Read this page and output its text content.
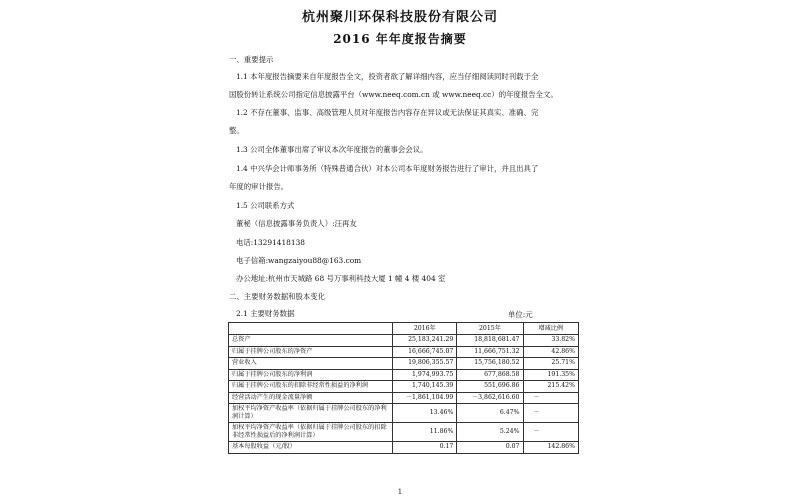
杭州聚川环保科技股份有限公司
2016 年年度报告摘要
一、重要提示
1.1 本年度报告摘要来自年度报告全文，投资者欲了解详细内容，应当仔细阅读同时刊载于全
国股份转让系统公司指定信息披露平台（www.neeq.com.cn 或 www.neeq.cc）的年度报告全文。
1.2 不存在董事、监事、高级管理人员对年度报告内容存在异议或无法保证其真实、准确、完
整。
1.3 公司全体董事出席了审议本次年度报告的董事会会议。
1.4 中兴华会计师事务所（特殊普通合伙）对本公司本年度财务报告进行了审计，并且出具了
年度的审计报告。
1.5 公司联系方式
董秘（信息披露事务负责人）:汪再友
电话:13291418138
电子信箱:wangzaiyou88@163.com
办公地址:杭州市天城路 68 号万事利科技大厦 1 幢 4 楼 404 室
二、主要财务数据和股本变化
2.1 主要财务数据	单位:元
	2016年	2015年	增减比例
总资产	25,183,241.29	18,818,681.47	33.82%
归属于挂牌公司股东的净资产	16,666,745.07	11,666,751.32	42.86%
营业收入	19,806,355.57	15,756,180.52	25.71%
归属于挂牌公司股东的净利润	1,974,993.75	677,868.58	191.35%
归属于挂牌公司股东的扣除非经常性损益的净利润	1,740,145.39	551,696.86	215.42%
经营活动产生的现金流量净额	－1,861,104.99	－3,862,616.60	－
加权平均净资产收益率（依据归属于挂牌公司股东的净利润计算）	13.46%	6.47%	－
加权平均净资产收益率（依据归属于挂牌公司股东的扣除非经常性损益后的净利润计算）	11.86%	5.24%	－
基本每股收益（元/股）	0.17	0.07	142.86%
1
